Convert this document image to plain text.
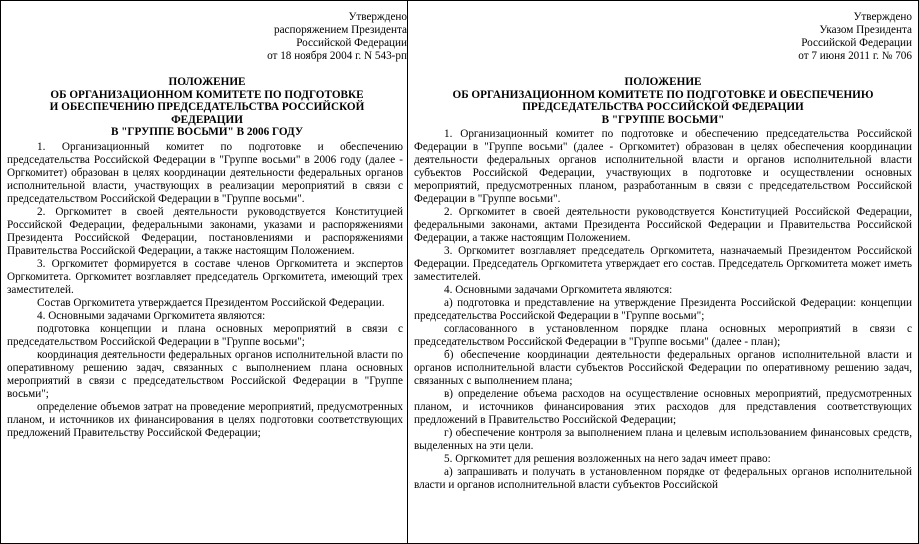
Утверждено
распоряжением Президента
Российской Федерации
от 18 ноября 2004 г. N 543-рп
ПОЛОЖЕНИЕ
ОБ ОРГАНИЗАЦИОННОМ КОМИТЕТЕ ПО ПОДГОТОВКЕ
И ОБЕСПЕЧЕНИЮ ПРЕДСЕДАТЕЛЬСТВА РОССИЙСКОЙ
ФЕДЕРАЦИИ
В "ГРУППЕ ВОСЬМИ" В 2006 ГОДУ

1. Организационный комитет по подготовке и обеспечению председательства Российской Федерации в "Группе восьми" в 2006 году (далее - Оргкомитет) образован в целях координации деятельности федеральных органов исполнительной власти, участвующих в реализации мероприятий в связи с председательством Российской Федерации в "Группе восьми".

2. Оргкомитет в своей деятельности руководствуется Конституцией Российской Федерации, федеральными законами, указами и распоряжениями Президента Российской Федерации, постановлениями и распоряжениями Правительства Российской Федерации, а также настоящим Положением.

3. Оргкомитет формируется в составе членов Оргкомитета и экспертов Оргкомитета. Оргкомитет возглавляет председатель Оргкомитета, имеющий трех заместителей.

Состав Оргкомитета утверждается Президентом Российской Федерации.

4. Основными задачами Оргкомитета являются:

подготовка концепции и плана основных мероприятий в связи с председательством Российской Федерации в "Группе восьми";

координация деятельности федеральных органов исполнительной власти по оперативному решению задач, связанных с выполнением плана основных мероприятий в связи с председательством Российской Федерации в "Группе восьми";

определение объемов затрат на проведение мероприятий, предусмотренных планом, и источников их финансирования в целях подготовки соответствующих предложений Правительству Российской Федерации;

Утверждено
Указом Президента
Российской Федерации
от 7 июня 2011 г. № 706
ПОЛОЖЕНИЕ
ОБ ОРГАНИЗАЦИОННОМ КОМИТЕТЕ ПО ПОДГОТОВКЕ И ОБЕСПЕЧЕНИЮ
ПРЕДСЕДАТЕЛЬСТВА РОССИЙСКОЙ ФЕДЕРАЦИИ
В "ГРУППЕ ВОСЬМИ"

1. Организационный комитет по подготовке и обеспечению председательства Российской Федерации в "Группе восьми" (далее - Оргкомитет) образован в целях обеспечения координации деятельности федеральных органов исполнительной власти и органов исполнительной власти субъектов Российской Федерации, участвующих в подготовке и осуществлении основных мероприятий, предусмотренных планом, разработанным в связи с председательством Российской Федерации в "Группе восьми".

2. Оргкомитет в своей деятельности руководствуется Конституцией Российской Федерации, федеральными законами, актами Президента Российской Федерации и Правительства Российской Федерации, а также настоящим Положением.

3. Оргкомитет возглавляет председатель Оргкомитета, назначаемый Президентом Российской Федерации. Председатель Оргкомитета утверждает его состав. Председатель Оргкомитета может иметь заместителей.

4. Основными задачами Оргкомитета являются:

а) подготовка и представление на утверждение Президента Российской Федерации: концепции председательства Российской Федерации в "Группе восьми";

согласованного в установленном порядке плана основных мероприятий в связи с председательством Российской Федерации в "Группе восьми" (далее - план);

б) обеспечение координации деятельности федеральных органов исполнительной власти и органов исполнительной власти субъектов Российской Федерации по оперативному решению задач, связанных с выполнением плана;

в) определение объема расходов на осуществление основных мероприятий, предусмотренных планом, и источников финансирования этих расходов для представления соответствующих предложений в Правительство Российской Федерации;

г) обеспечение контроля за выполнением плана и целевым использованием финансовых средств, выделенных на эти цели.

5. Оргкомитет для решения возложенных на него задач имеет право:

а) запрашивать и получать в установленном порядке от федеральных органов исполнительной власти и органов исполнительной власти субъектов Российской
